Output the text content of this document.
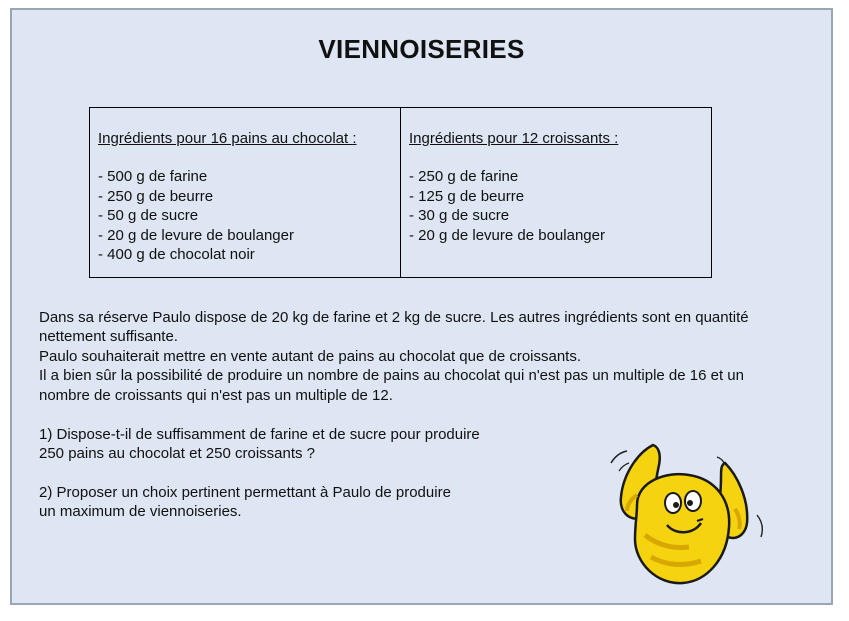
VIENNOISERIES
Ingrédients pour 16 pains au chocolat :
- 500 g de farine
- 250 g de beurre
- 50 g de sucre
- 20 g de levure de boulanger
- 400 g de chocolat noir
Ingrédients pour 12 croissants :
- 250 g de farine
- 125 g de beurre
- 30 g de sucre
- 20 g de levure de boulanger
Dans sa réserve Paulo dispose de 20 kg de farine et 2 kg de sucre. Les autres ingrédients sont en quantité
nettement suffisante.
Paulo souhaiterait mettre en vente autant de pains au chocolat que de croissants.
Il a bien sûr la possibilité de produire un nombre de pains au chocolat qui n'est pas un multiple de 16 et un
nombre de croissants qui n'est pas un multiple de 12.
1) Dispose-t-il de suffisamment de farine et de sucre pour produire
250 pains au chocolat et 250 croissants ?
2) Proposer un choix pertinent permettant à Paulo de produire
un maximum de viennoiseries.
